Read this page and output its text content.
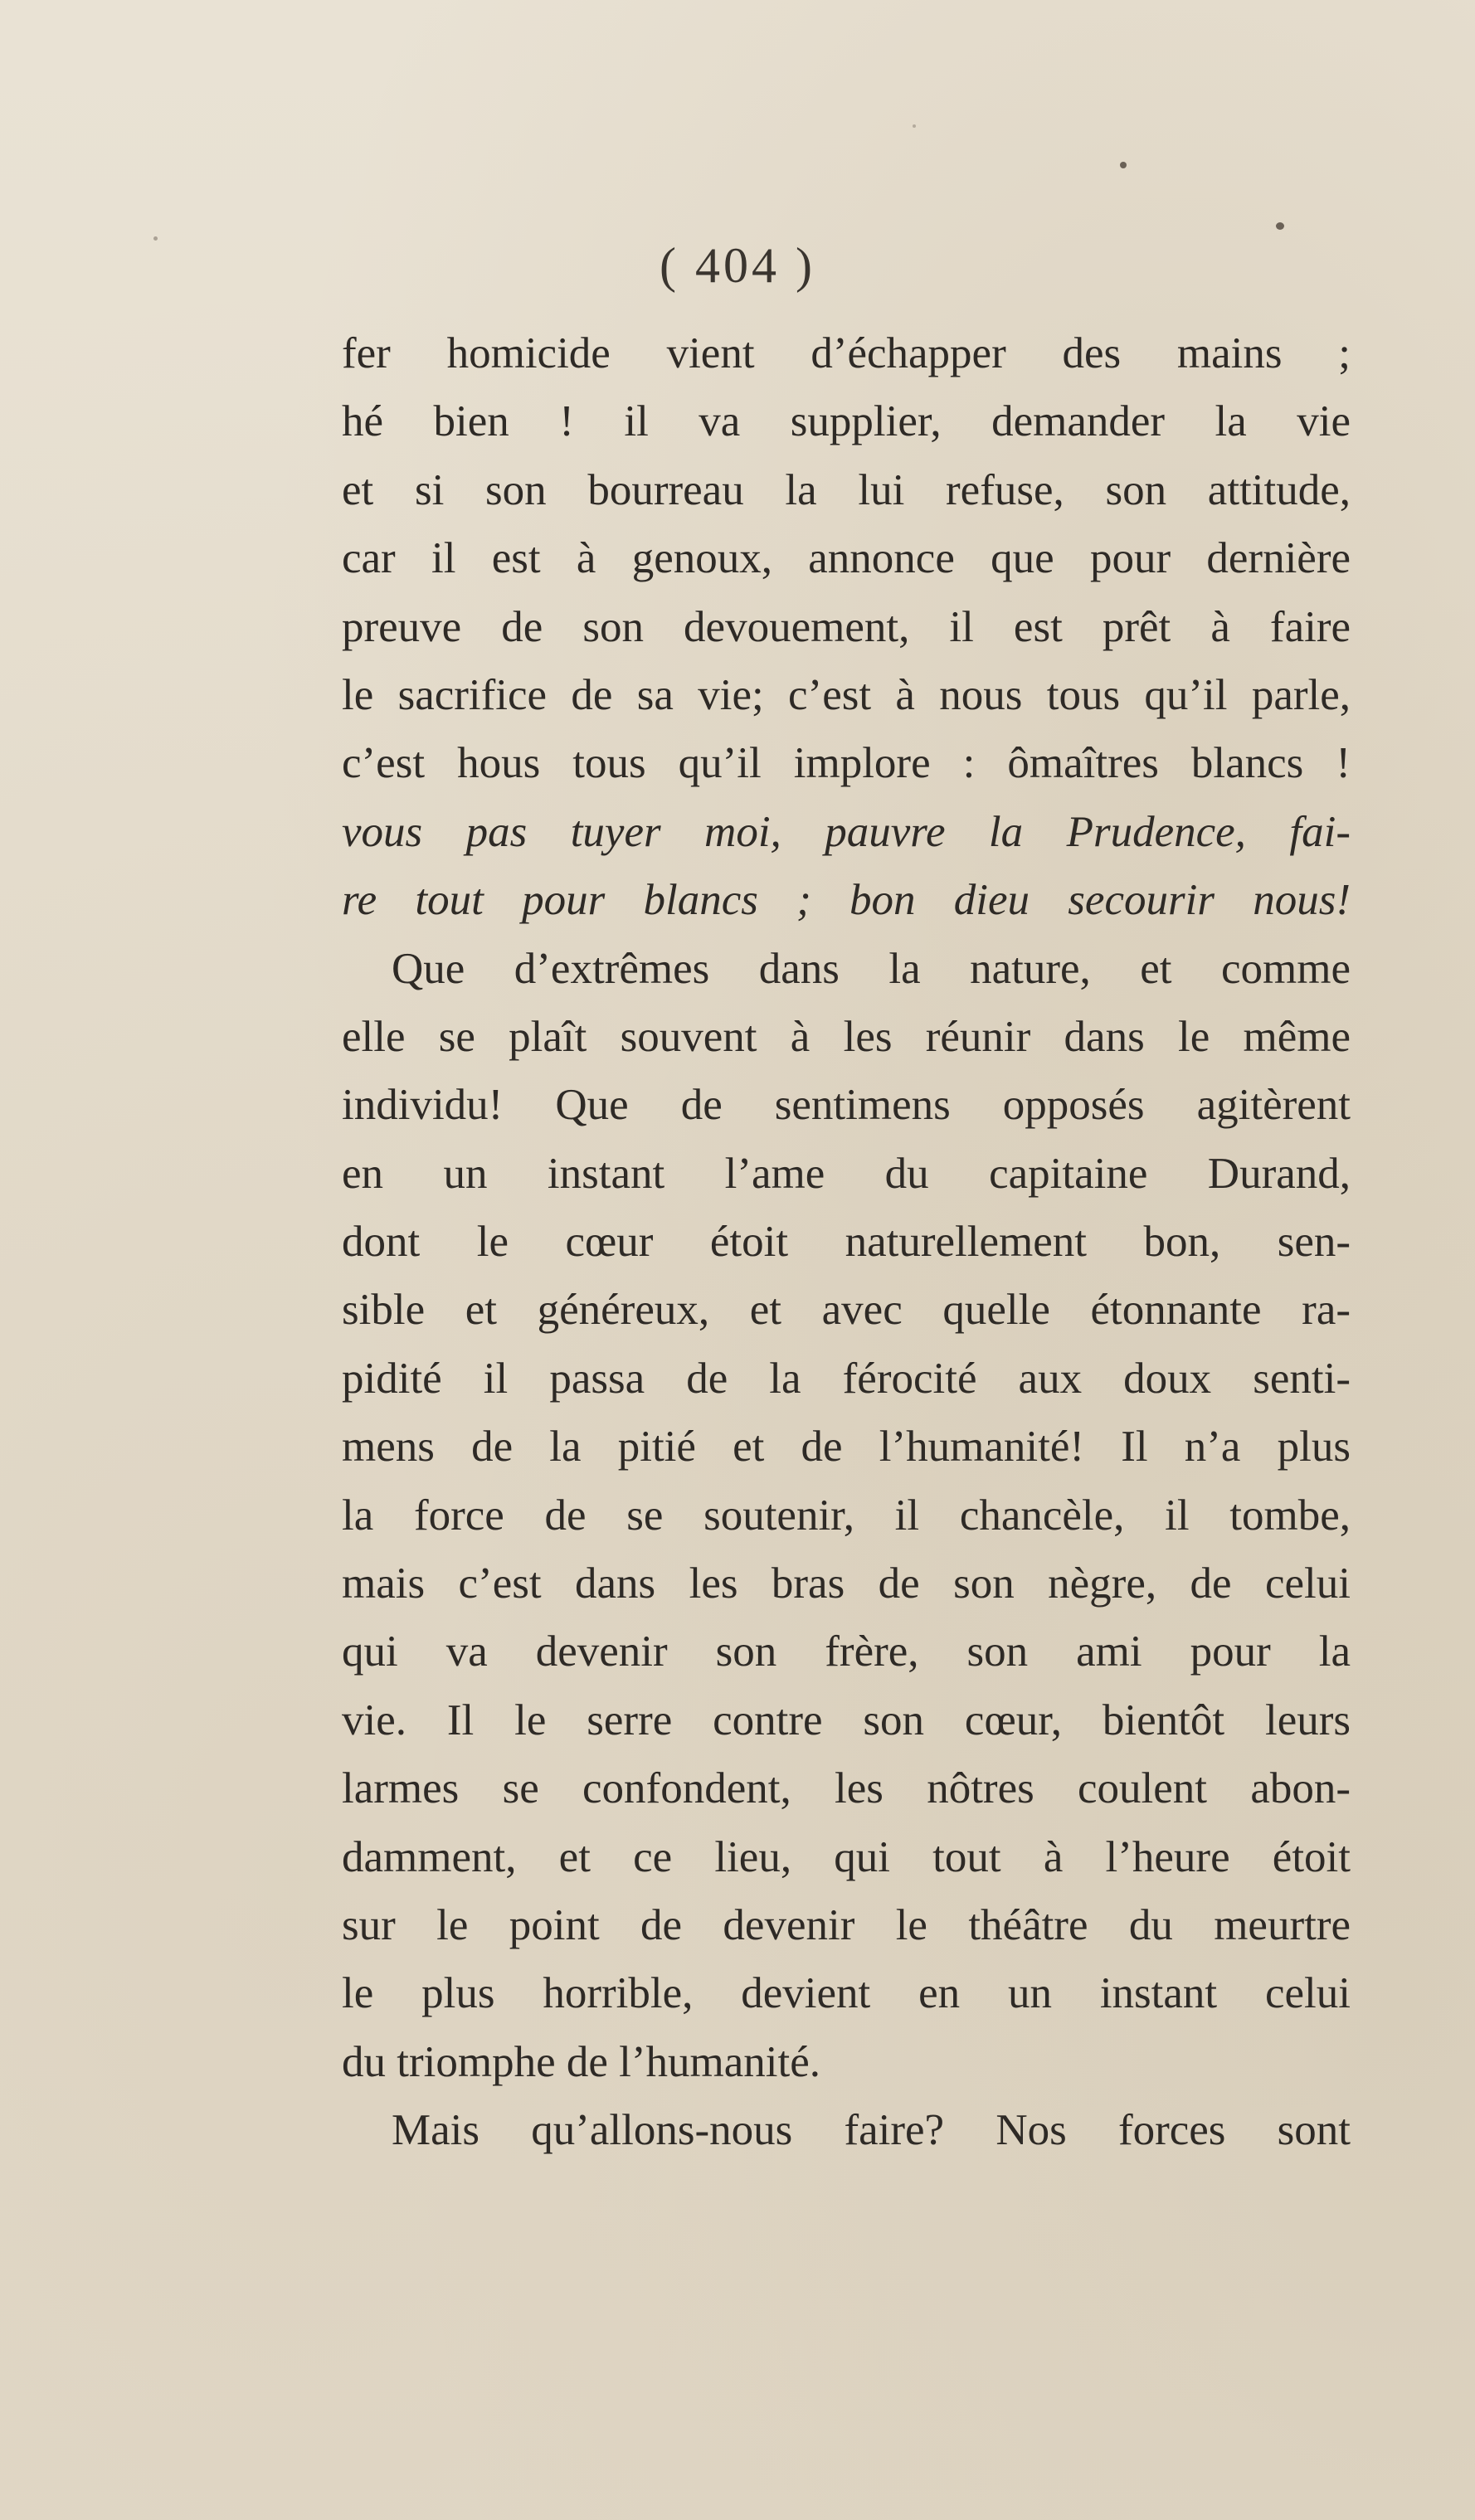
( 404 )
fer homicide vient d’échapper des mains ;
hé bien ! il va supplier, demander la vie
et si son bourreau la lui refuse, son attitude,
car il est à genoux, annonce que pour dernière
preuve de son devouement, il est prêt à faire
le sacrifice de sa vie; c’est à nous tous qu’il parle,
c’est hous tous qu’il implore : ômaîtres blancs !
vous pas tuyer moi, pauvre la Prudence, fai-
re tout pour blancs ; bon dieu secourir nous!
Que d’extrêmes dans la nature, et comme
elle se plaît souvent à les réunir dans le même
individu! Que de sentimens opposés agitèrent
en un instant l’ame du capitaine Durand,
dont le cœur étoit naturellement bon, sen-
sible et généreux, et avec quelle étonnante ra-
pidité il passa de la férocité aux doux senti-
mens de la pitié et de l’humanité! Il n’a plus
la force de se soutenir, il chancèle, il tombe,
mais c’est dans les bras de son nègre, de celui
qui va devenir son frère, son ami pour la
vie. Il le serre contre son cœur, bientôt leurs
larmes se confondent, les nôtres coulent abon-
damment, et ce lieu, qui tout à l’heure étoit
sur le point de devenir le théâtre du meurtre
le plus horrible, devient en un instant celui
du triomphe de l’humanité.
Mais qu’allons-nous faire? Nos forces sont
